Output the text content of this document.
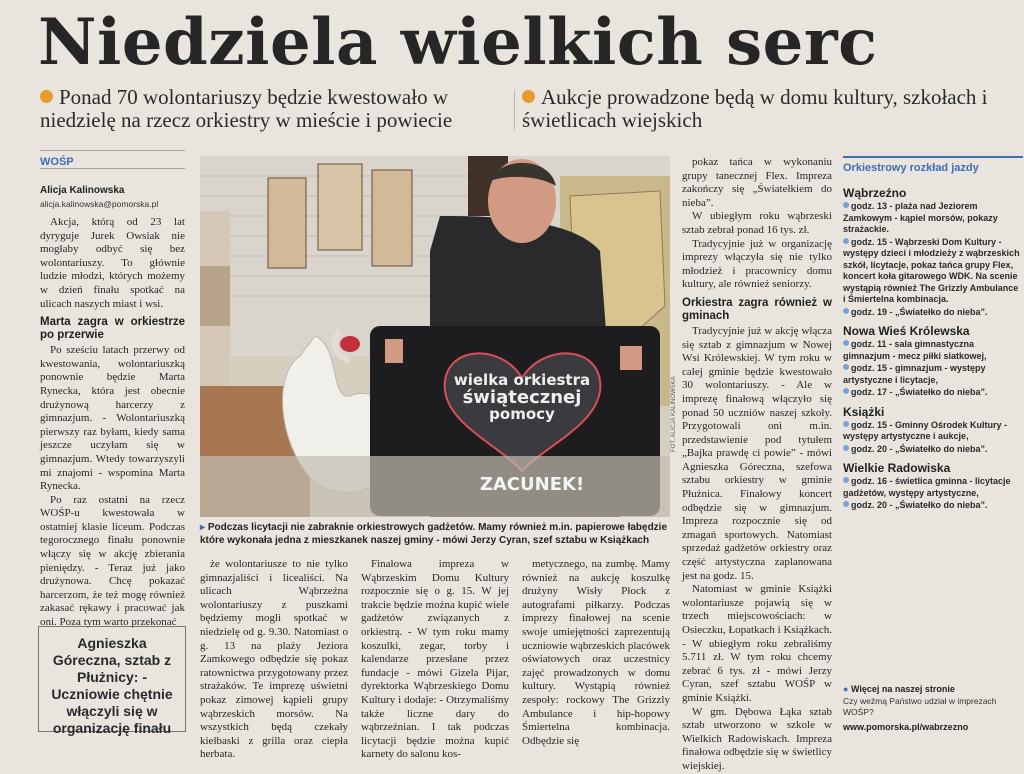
Niedziela wielkich serc
Ponad 70 wolontariuszy będzie kwestowało w niedzielę na rzecz orkiestry w mieście i powiecie
Aukcje prowadzone będą w domu kultury, szkołach i świetlicach wiejskich
WOŚP
Alicja Kalinowska
alicja.kalinowska@pomorska.pl

Akcja, którą od 23 lat dyryguje Jurek Owsiak nie mogłaby odbyć się bez wolontariuszy. To głównie ludzie młodzi, których możemy w dzień finału spotkać na ulicach naszych miast i wsi.

Marta zagra w orkiestrze po przerwie

Po sześciu latach przerwy od kwestowania, wolontariuszką ponownie będzie Marta Rynecka, która jest obecnie drużynową harcerzy z gimnazjum. - Wolontariuszką pierwszy raz byłam, kiedy sama jeszcze uczyłam się w gimnazjum. Wtedy towarzyszyli mi znajomi - wspomina Marta Rynecka.

Po raz ostatni na rzecz WOŚP-u kwestowała w ostatniej klasie liceum. Podczas tegorocznego finału ponownie włączy się w akcję zbierania pieniędzy. - Teraz już jako drużynowa. Chcę pokazać harcerzom, że też mogę również zakasać rękawy i pracować jak oni. Poza tym warto przekonać

Agnieszka Góreczna, sztab z Płużnicy: - Uczniowie chętnie włączyli się w organizację finału
wielka orkiestra
świątecznej
pomocy
ZACUNEK!
FOT. ALICJA KALINOWSKA
▸ Podczas licytacji nie zabraknie orkiestrowych gadżetów. Mamy również m.in. papierowe łabędzie które wykonała jedna z mieszkanek naszej gminy - mówi Jerzy Cyran, szef sztabu w Książkach

że wolontariusze to nie tylko gimnazjaliści i licealiści. Na ulicach Wąbrzeźna wolontariuszy z puszkami będziemy mogli spotkać w niedzielę od g. 9.30. Natomiast o g. 13 na plaży Jeziora Zamkowego odbędzie się pokaz ratownictwa przygotowany przez strażaków. Te imprezę uświetni pokaz zimowej kąpieli grupy wąbrzeskich morsów. Na wszystkich będą czekały kiełbaski z grilla oraz ciepła herbata.

Finałowa impreza w Wąbrzeskim Domu Kultury rozpocznie się o g. 15. W jej trakcie będzie można kupić wiele gadżetów związanych z orkiestrą. - W tym roku mamy koszulki, zegar, torby i kalendarze przesłane przez fundacje - mówi Gizela Pijar, dyrektorka Wąbrzeskiego Domu Kultury i dodaje: - Otrzymaliśmy także liczne dary do wąbrzeźnian. I tak podczas licytacji będzie można kupić karnety do salonu kos-

metycznego, na zumbę. Mamy również na aukcję koszulkę drużyny Wisły Płock z autografami piłkarzy. Podczas imprezy finałowej na scenie swoje umiejętności zaprezentują uczniowie wąbrzeskich placówek oświatowych oraz uczestnicy zajęć prowadzonych w domu kultury. Wystąpią również zespoły: rockowy The Grizzly Ambulance i hip-hopowy Śmiertelna kombinacja. Odbędzie się

pokaz tańca w wykonaniu grupy tanecznej Flex. Impreza zakończy się „Światełkiem do nieba”.

W ubiegłym roku wąbrzeski sztab zebrał ponad 16 tys. zł.

Tradycyjnie już w organizację imprezy włączyła się nie tylko młodzież i pracownicy domu kultury, ale również seniorzy.

Orkiestra zagra również w gminach

Tradycyjnie już w akcję włącza się sztab z gimnazjum w Nowej Wsi Królewskiej. W tym roku w całej gminie będzie kwestowało 30 wolontariuszy. - Ale w imprezę finałową włączyło się ponad 50 uczniów naszej szkoły. Przygotowali oni m.in. przedstawienie pod tytułem „Bajka prawdę ci powie” - mówi Agnieszka Góreczna, szefowa sztabu orkiestry w gminie Płużnica. Finałowy koncert odbędzie się w gimnazjum. Impreza rozpocznie się od zmagań sportowych. Natomiast sprzedaż gadżetów orkiestry oraz część artystyczna zaplanowana jest na godz. 15.

Natomiast w gminie Książki wolontariusze pojawią się w trzech miejscowościach: w Osieczku, Łopatkach i Książkach. - W ubiegłym roku zebraliśmy 5.711 zł. W tym roku chcemy zebrać 6 tys. zł - mówi Jerzy Cyran, szef sztabu WOŚP w gminie Książki.

W gm. Dębowa Łąka sztab sztab utworzono w szkole w Wielkich Radowiskach. Impreza finałowa odbędzie się w świetlicy wiejskiej.

Orkiestrowy rozkład jazdy
Wąbrzeźno
godz. 13 - plaża nad Jeziorem Zamkowym - kąpiel morsów, pokazy strażackie.
godz. 15 - Wąbrzeski Dom Kultury - występy dzieci i młodzieży z wąbrzeskich szkół, licytacje, pokaz tańca grupy Flex, koncert koła gitarowego WDK. Na scenie wystąpią również The Grizzly Ambulance i Śmiertelna kombinacja.
godz. 19 - „Światełko do nieba”.
Nowa Wieś Królewska
godz. 11 - sala gimnastyczna gimnazjum - mecz piłki siatkowej,
godz. 15 - gimnazjum - występy artystyczne i licytacje,
godz. 17 - „Światełko do nieba”.
Książki
godz. 15 - Gminny Ośrodek Kultury - występy artystyczne i aukcje,
godz. 20 - „Światełko do nieba”.
Wielkie Radowiska
godz. 16 - świetlica gminna - licytacje gadżetów, występy artystyczne,
godz. 20 - „Światełko do nieba”.
● Więcej na naszej stronie
Czy weźmą Państwo udział w imprezach WOŚP?
www.pomorska.pl/wabrzezno
